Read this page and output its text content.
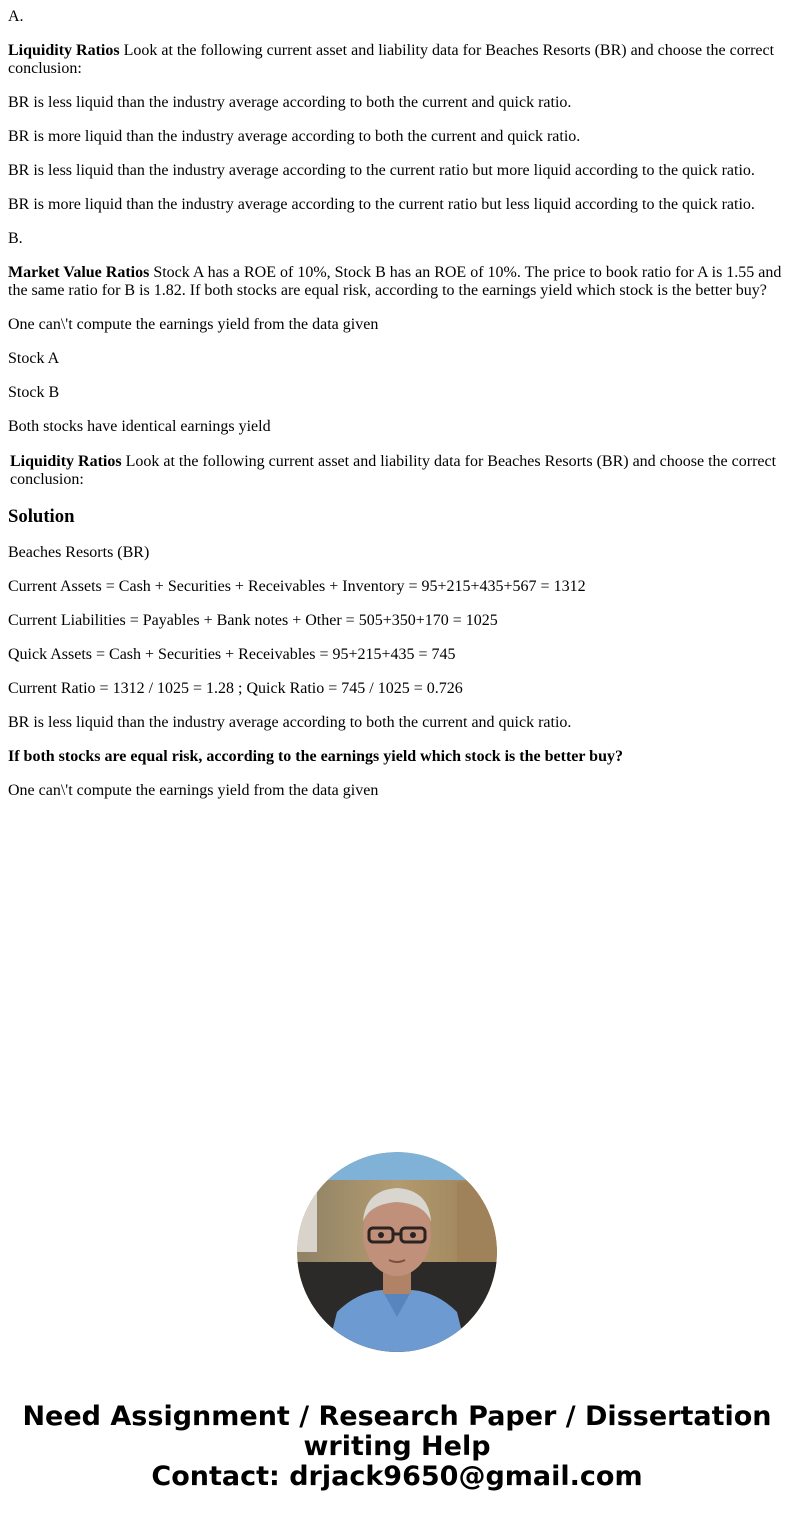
A.

Liquidity Ratios Look at the following current asset and liability data for Beaches Resorts (BR) and choose the correct conclusion:

BR is less liquid than the industry average according to both the current and quick ratio.

BR is more liquid than the industry average according to both the current and quick ratio.

BR is less liquid than the industry average according to the current ratio but more liquid according to the quick ratio.

BR is more liquid than the industry average according to the current ratio but less liquid according to the quick ratio.

B.

Market Value Ratios Stock A has a ROE of 10%, Stock B has an ROE of 10%. The price to book ratio for A is 1.55 and the same ratio for B is 1.82. If both stocks are equal risk, according to the earnings yield which stock is the better buy?

One can\'t compute the earnings yield from the data given

Stock A

Stock B

Both stocks have identical earnings yield

Liquidity Ratios Look at the following current asset and liability data for Beaches Resorts (BR) and choose the correct conclusion:

Solution

Beaches Resorts (BR)

Current Assets = Cash + Securities + Receivables + Inventory = 95+215+435+567 = 1312

Current Liabilities = Payables + Bank notes + Other = 505+350+170 = 1025

Quick Assets = Cash + Securities + Receivables = 95+215+435 = 745

Current Ratio = 1312 / 1025 = 1.28 ; Quick Ratio = 745 / 1025 = 0.726

BR is less liquid than the industry average according to both the current and quick ratio.

If both stocks are equal risk, according to the earnings yield which stock is the better buy?

One can\'t compute the earnings yield from the data given

Need Assignment / Research Paper / Dissertation
writing Help
Contact: drjack9650@gmail.com
